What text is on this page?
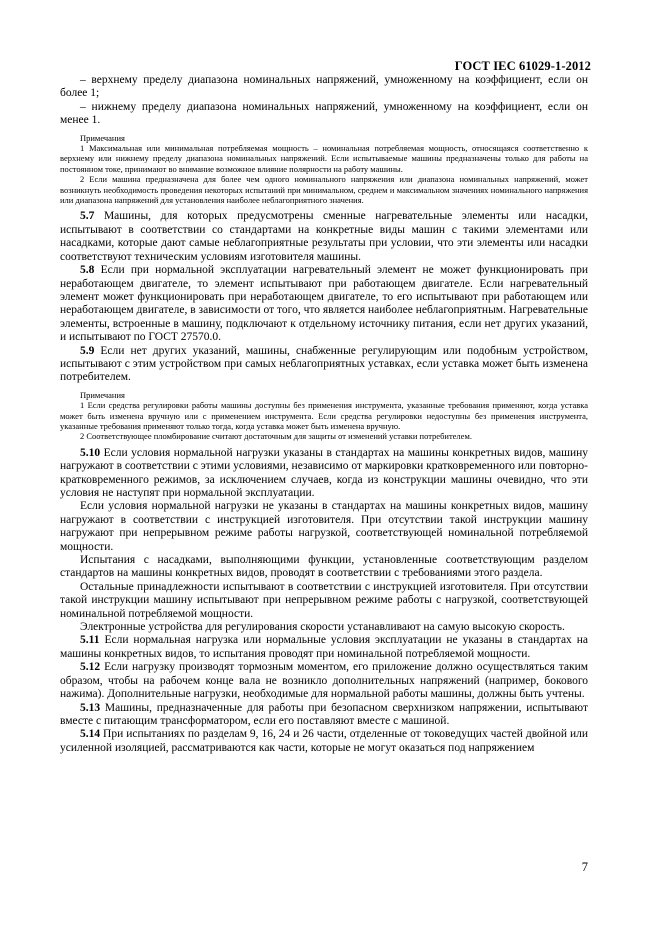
ГОСТ IEC 61029-1-2012

– верхнему пределу диапазона номинальных напряжений, умноженному на коэффициент, если он более 1;

– нижнему пределу диапазона номинальных напряжений, умноженному на коэффициент, если он менее 1.

Примечания
1 Максимальная или минимальная потребляемая мощность – номинальная потребляемая мощность, относящаяся соответственно к верхнему или нижнему пределу диапазона номинальных напряжений. Если испытываемые машины предназначены только для работы на постоянном токе, принимают во внимание возможное влияние полярности на работу машины.
2 Если машина предназначена для более чем одного номинального напряжения или диапазона номинальных напряжений, может возникнуть необходимость проведения некоторых испытаний при минимальном, среднем и максимальном значениях номинального напряжения или диапазона напряжений для установления наиболее неблагоприятного значения.

5.7 Машины, для которых предусмотрены сменные нагревательные элементы или насадки, испытывают в соответствии со стандартами на конкретные виды машин с такими элементами или насадками, которые дают самые неблагоприятные результаты при условии, что эти элементы или насадки соответствуют техническим условиям изготовителя машины.

5.8 Если при нормальной эксплуатации нагревательный элемент не может функционировать при неработающем двигателе, то элемент испытывают при работающем двигателе. Если нагревательный элемент может функционировать при неработающем двигателе, то его испытывают при работающем или неработающем двигателе, в зависимости от того, что является наиболее неблагоприятным. Нагревательные элементы, встроенные в машину, подключают к отдельному источнику питания, если нет других указаний, и испытывают по ГОСТ 27570.0.

5.9 Если нет других указаний, машины, снабженные регулирующим или подобным устройством, испытывают с этим устройством при самых неблагоприятных уставках, если уставка может быть изменена потребителем.

Примечания
1 Если средства регулировки работы машины доступны без применения инструмента, указанные требования применяют, когда уставка может быть изменена вручную или с применением инструмента. Если средства регулировки недоступны без применения инструмента, указанные требования применяют только тогда, когда уставка может быть изменена вручную.
2 Соответствующее пломбирование считают достаточным для защиты от изменений уставки потребителем.

5.10 Если условия нормальной нагрузки указаны в стандартах на машины конкретных видов, машину нагружают в соответствии с этими условиями, независимо от маркировки кратковременного или повторно-кратковременного режимов, за исключением случаев, когда из конструкции машины очевидно, что эти условия не наступят при нормальной эксплуатации.

Если условия нормальной нагрузки не указаны в стандартах на машины конкретных видов, машину нагружают в соответствии с инструкцией изготовителя. При отсутствии такой инструкции машину нагружают при непрерывном режиме работы нагрузкой, соответствующей номинальной потребляемой мощности.

Испытания с насадками, выполняющими функции, установленные соответствующим разделом стандартов на машины конкретных видов, проводят в соответствии с требованиями этого раздела.

Остальные принадлежности испытывают в соответствии с инструкцией изготовителя. При отсутствии такой инструкции машину испытывают при непрерывном режиме работы с нагрузкой, соответствующей номинальной потребляемой мощности.

Электронные устройства для регулирования скорости устанавливают на самую высокую скорость.

5.11 Если нормальная нагрузка или нормальные условия эксплуатации не указаны в стандартах на машины конкретных видов, то испытания проводят при номинальной потребляемой мощности.

5.12 Если нагрузку производят тормозным моментом, его приложение должно осуществляться таким образом, чтобы на рабочем конце вала не возникло дополнительных напряжений (например, бокового нажима). Дополнительные нагрузки, необходимые для нормальной работы машины, должны быть учтены.

5.13 Машины, предназначенные для работы при безопасном сверхнизком напряжении, испытывают вместе с питающим трансформатором, если его поставляют вместе с машиной.

5.14 При испытаниях по разделам 9, 16, 24 и 26 части, отделенные от токоведущих частей двойной или усиленной изоляцией, рассматриваются как части, которые не могут оказаться под напряжением

7
